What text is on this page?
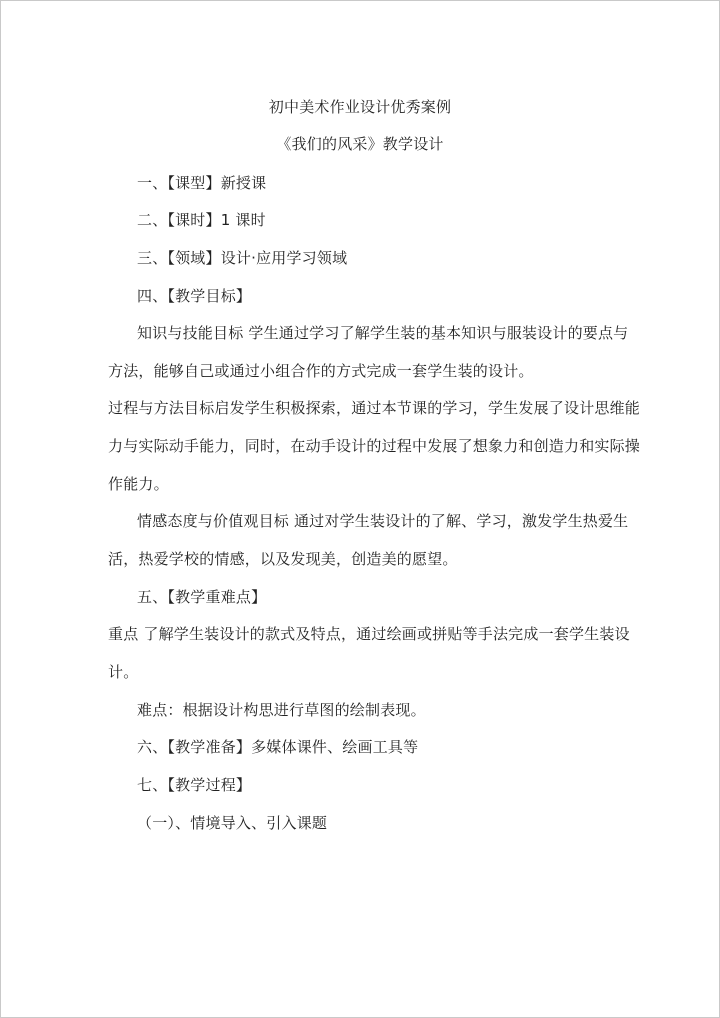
初中美术作业设计优秀案例
《我们的风采》教学设计
一、【课型】新授课
二、【课时】1 课时
三、【领域】设计·应用学习领域
四、【教学目标】
知识与技能目标 学生通过学习了解学生装的基本知识与服装设计的要点与
方法，能够自己或通过小组合作的方式完成一套学生装的设计。
过程与方法目标启发学生积极探索，通过本节课的学习，学生发展了设计思维能
力与实际动手能力，同时，在动手设计的过程中发展了想象力和创造力和实际操
作能力。
情感态度与价值观目标 通过对学生装设计的了解、学习，激发学生热爱生
活，热爱学校的情感，以及发现美，创造美的愿望。
五、【教学重难点】
重点 了解学生装设计的款式及特点，通过绘画或拼贴等手法完成一套学生装设
计。
难点：根据设计构思进行草图的绘制表现。
六、【教学准备】多媒体课件、绘画工具等
七、【教学过程】
（一）、情境导入、引入课题
